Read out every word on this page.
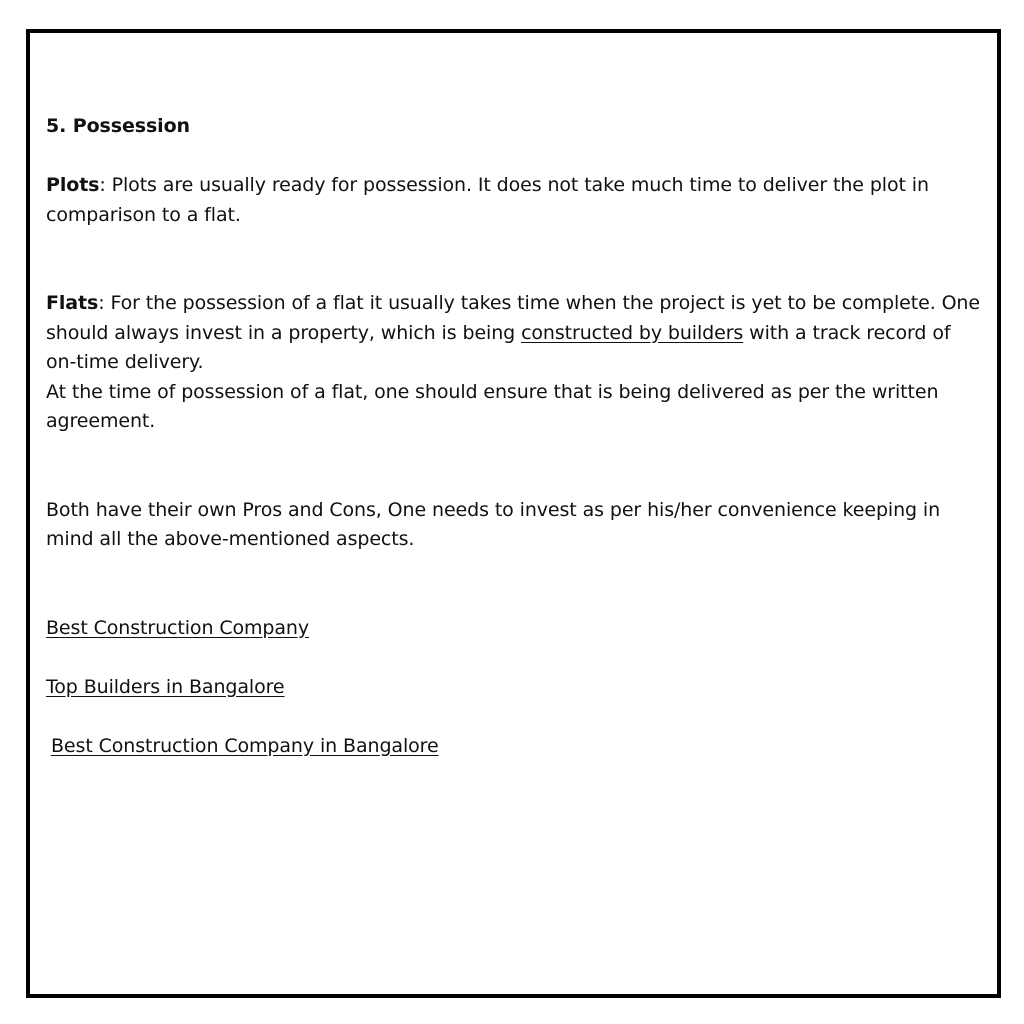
5. Possession

Plots: Plots are usually ready for possession. It does not take much time to deliver the plot in comparison to a flat.

Flats: For the possession of a flat it usually takes time when the project is yet to be complete. One should always invest in a property, which is being constructed by builders with a track record of on-time delivery.

At the time of possession of a flat, one should ensure that is being delivered as per the written agreement.

Both have their own Pros and Cons, One needs to invest as per his/her convenience keeping in mind all the above-mentioned aspects.

Best Construction Company

Top Builders in Bangalore

Best Construction Company in Bangalore
